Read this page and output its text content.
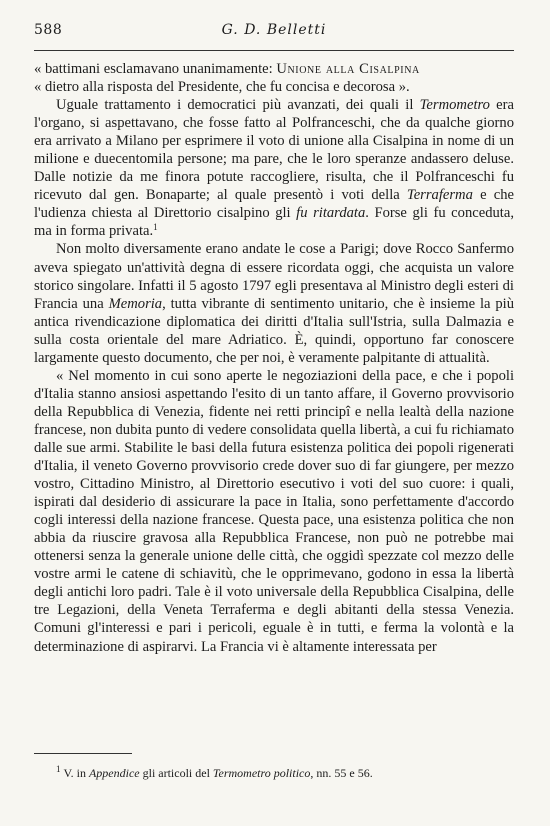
588	G. D. Belletti

« battimani esclamavano unanimamente: Unione alla Cisalpina
« dietro alla risposta del Presidente, che fu concisa e decorosa ».

Uguale trattamento i democratici più avanzati, dei quali il Termometro era l'organo, si aspettavano, che fosse fatto al Polfranceschi, che da qualche giorno era arrivato a Milano per esprimere il voto di unione alla Cisalpina in nome di un milione e duecentomila persone; ma pare, che le loro speranze andassero deluse. Dalle notizie da me finora potute raccogliere, risulta, che il Polfranceschi fu ricevuto dal gen. Bonaparte; al quale presentò i voti della Terraferma e che l'udienza chiesta al Direttorio cisalpino gli fu ritardata. Forse gli fu conceduta, ma in forma privata.$^1$

Non molto diversamente erano andate le cose a Parigi; dove Rocco Sanfermo aveva spiegato un'attività degna di essere ricordata oggi, che acquista un valore storico singolare. Infatti il 5 agosto 1797 egli presentava al Ministro degli esteri di Francia una Memoria, tutta vibrante di sentimento unitario, che è insieme la più antica rivendicazione diplomatica dei diritti d'Italia sull'Istria, sulla Dalmazia e sulla costa orientale del mare Adriatico. È, quindi, opportuno far conoscere largamente questo documento, che per noi, è veramente palpitante di attualità.

« Nel momento in cui sono aperte le negoziazioni della pace, e che i popoli d'Italia stanno ansiosi aspettando l'esito di un tanto affare, il Governo provvisorio della Repubblica di Venezia, fidente nei retti principî e nella lealtà della nazione francese, non dubita punto di vedere consolidata quella libertà, a cui fu richiamato dalle sue armi. Stabilite le basi della futura esistenza politica dei popoli rigenerati d'Italia, il veneto Governo provvisorio crede dover suo di far giungere, per mezzo vostro, Cittadino Ministro, al Direttorio esecutivo i voti del suo cuore: i quali, ispirati dal desiderio di assicurare la pace in Italia, sono perfettamente d'accordo cogli interessi della nazione francese. Questa pace, una esistenza politica che non abbia da riuscire gravosa alla Repubblica Francese, non può ne potrebbe mai ottenersi senza la generale unione delle città, che oggidì spezzate col mezzo delle vostre armi le catene di schiavitù, che le opprimevano, godono in essa la libertà degli antichi loro padri. Tale è il voto universale della Repubblica Cisalpina, delle tre Legazioni, della Veneta Terraferma e degli abitanti della stessa Venezia. Comuni gl'interessi e pari i pericoli, eguale è in tutti, e ferma la volontà e la determinazione di aspirarvi. La Francia vi è altamente interessata per

$^1$ V. in Appendice gli articoli del Termometro politico, nn. 55 e 56.
